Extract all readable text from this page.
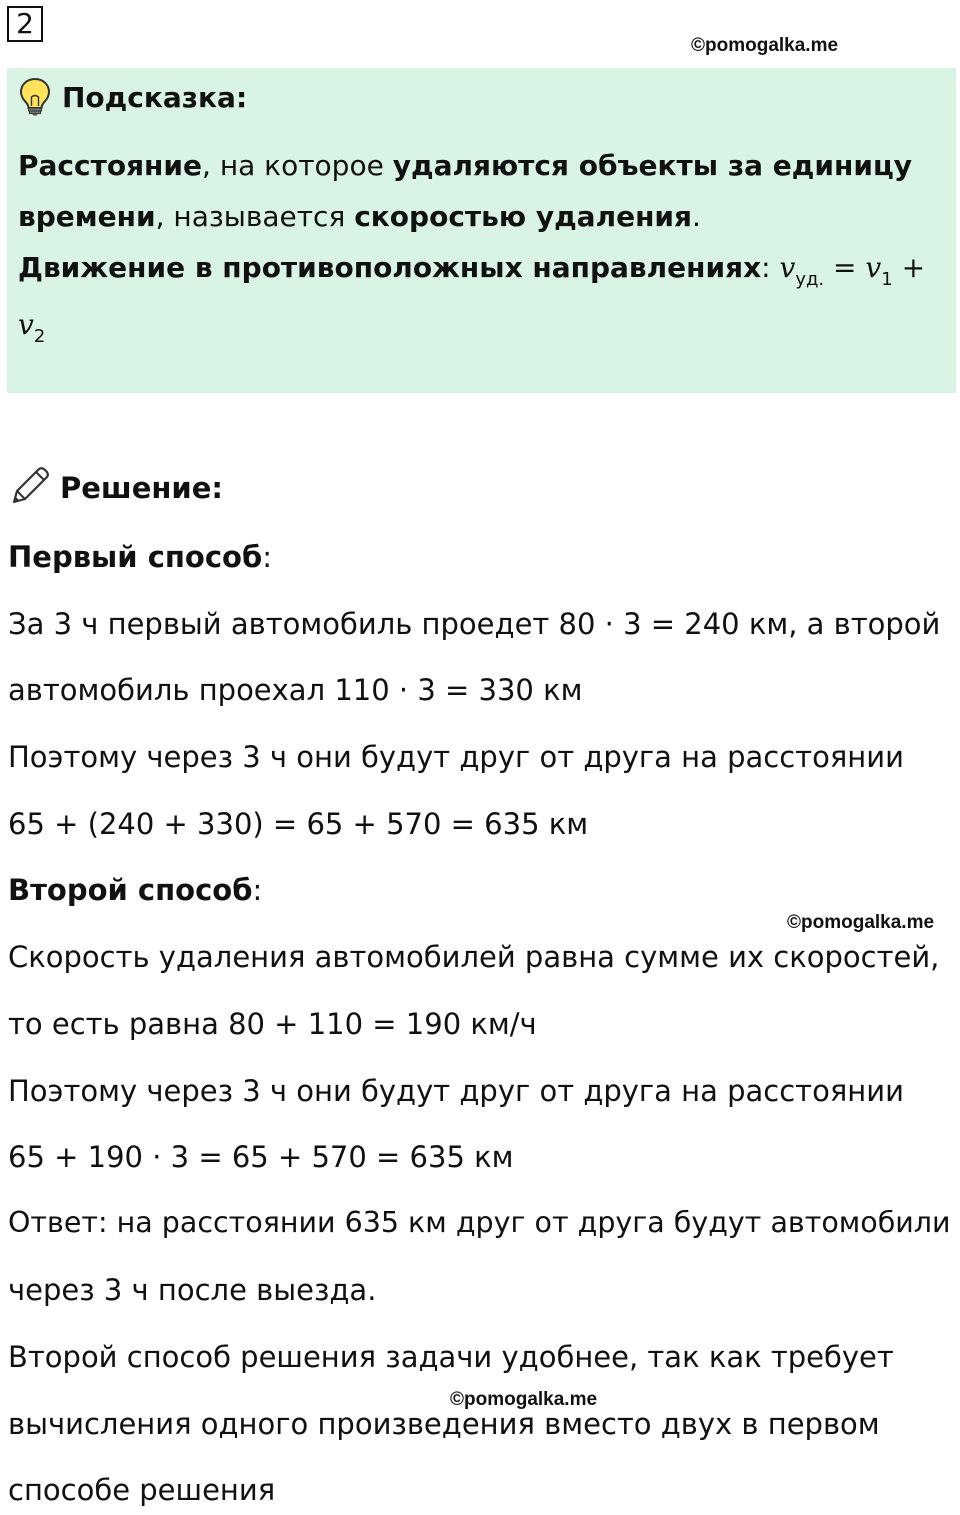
2
©pomogalka.me
Подсказка:
Расстояние, на которое удаляются объекты за единицу
времени, называется скоростью удаления.
Движение в противоположных направлениях: $v_{уд.} = v_1$ +
$v_2$
Решение:
Первый способ:
За 3 ч первый автомобиль проедет 80 · 3 = 240 км, а второй
автомобиль проехал 110 · 3 = 330 км
Поэтому через 3 ч они будут друг от друга на расстоянии
65 + (240 + 330) = 65 + 570 = 635 км
Второй способ:
©pomogalka.me
Скорость удаления автомобилей равна сумме их скоростей,
то есть равна 80 + 110 = 190 км/ч
Поэтому через 3 ч они будут друг от друга на расстоянии
65 + 190 · 3 = 65 + 570 = 635 км
Ответ: на расстоянии 635 км друг от друга будут автомобили
через 3 ч после выезда.
Второй способ решения задачи удобнее, так как требует
©pomogalka.me
вычисления одного произведения вместо двух в первом
способе решения
